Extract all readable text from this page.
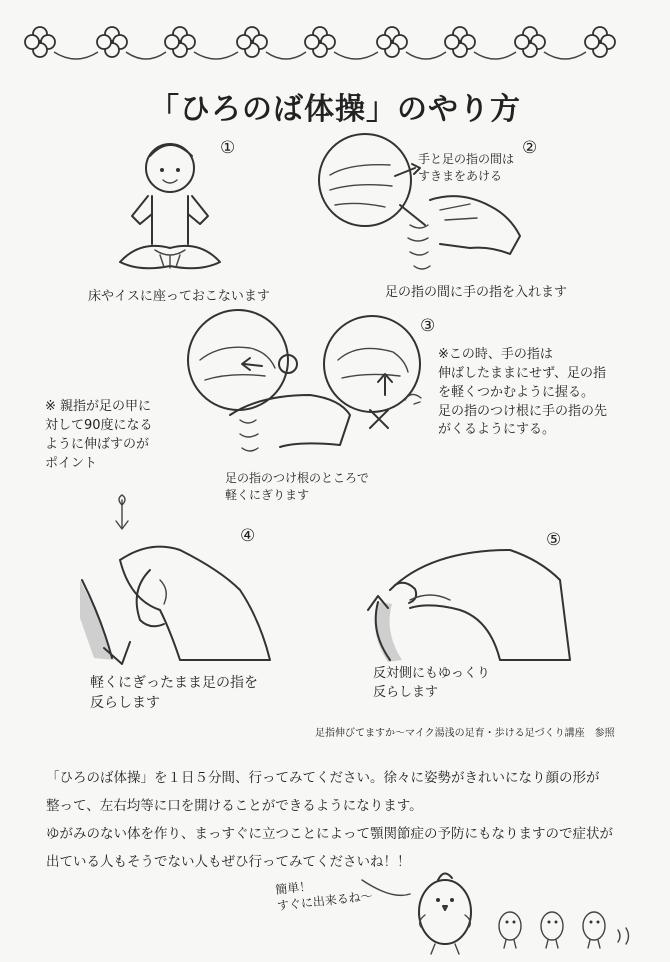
「ひろのば体操」のやり方
①
床やイスに座っておこないます
②
手と足の指の間は
すきまをあける
足の指の間に手の指を入れます
③
※ 親指が足の甲に
対して90度になる
ように伸ばすのが
ポイント
※この時、手の指は
伸ばしたままにせず、足の指
を軽くつかむように握る。
足の指のつけ根に手の指の先
がくるようにする。
足の指のつけ根のところで
軽くにぎります
④
軽くにぎったまま足の指を
反らします
⑤
反対側にもゆっくり
反らします
足指伸びてますか～マイク湯浅の足育・歩ける足づくり講座　参照
「ひろのば体操」を１日５分間、行ってみてください。徐々に姿勢がきれいになり顔の形が
整って、左右均等に口を開けることができるようになります。
ゆがみのない体を作り、まっすぐに立つことによって顎関節症の予防にもなりますので症状が
出ている人もそうでない人もぜひ行ってみてくださいね！！
簡単！
すぐに出来るね～
